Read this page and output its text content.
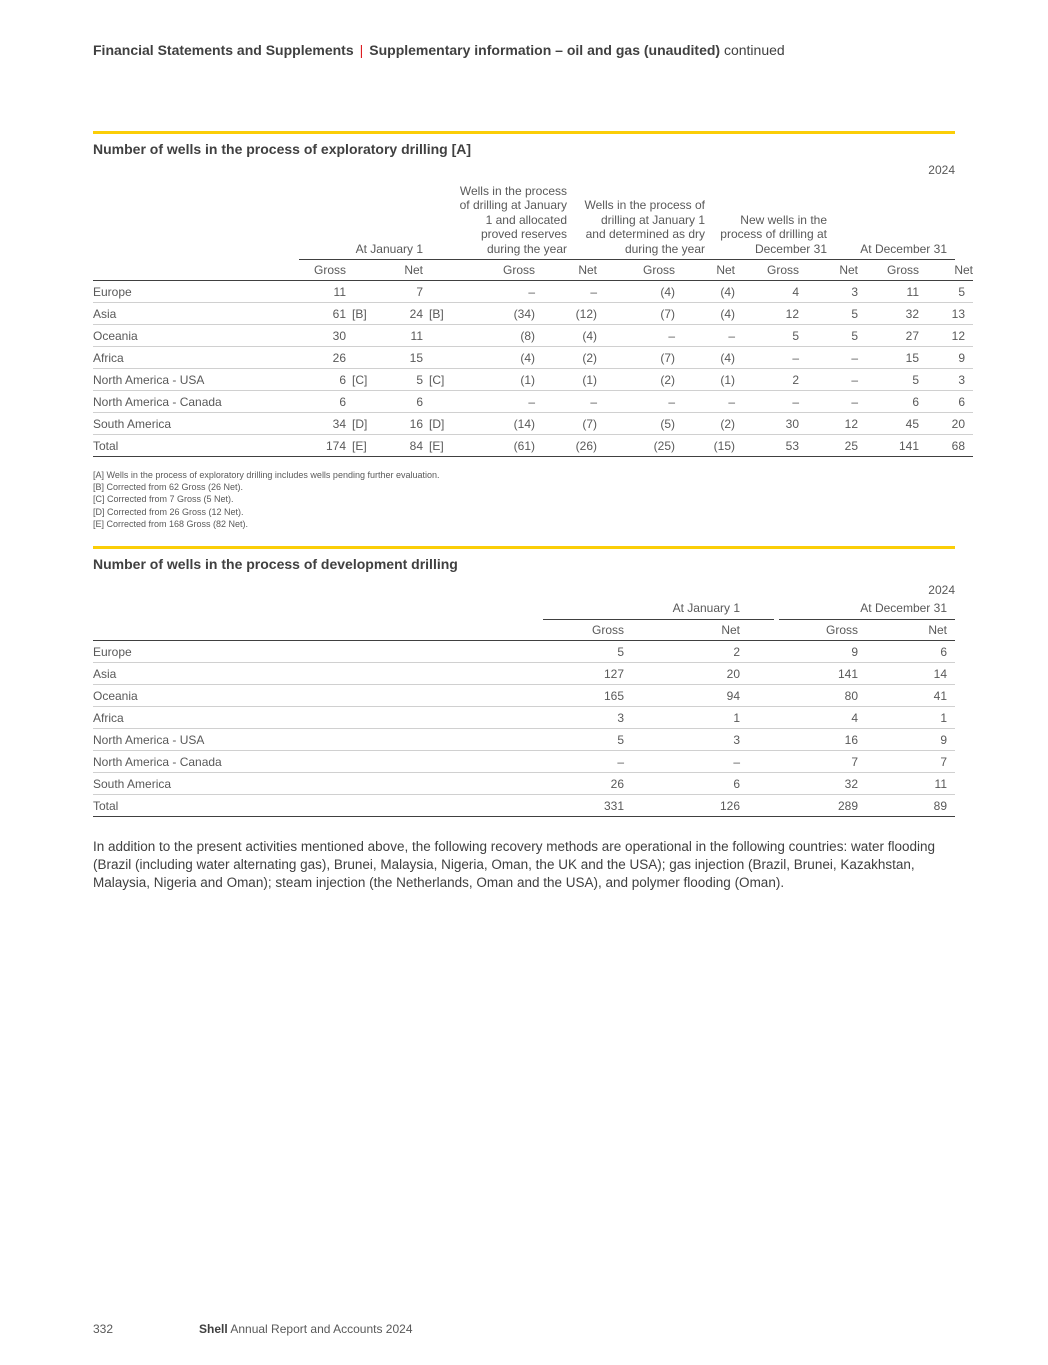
Financial Statements and Supplements | Supplementary information – oil and gas (unaudited) continued
Number of wells in the process of exploratory drilling [A]
2024
At January 1
Wells in the process of drilling at January 1 and allocated proved reserves during the year
Wells in the process of drilling at January 1 and determined as dry during the year
New wells in the process of drilling at December 31	At December 31
	Gross		Net		Gross	Net	Gross	Net	Gross	Net	Gross	Net
Europe	11		7		–	–	(4)	(4)	4	3	11	5
Asia	61	[B]	24	[B]	(34)	(12)	(7)	(4)	12	5	32	13
Oceania	30		11		(8)	(4)	–	–	5	5	27	12
Africa	26		15		(4)	(2)	(7)	(4)	–	–	15	9
North America - USA	6	[C]	5	[C]	(1)	(1)	(2)	(1)	2	–	5	3
North America - Canada	6		6		–	–	–	–	–	–	6	6
South America	34	[D]	16	[D]	(14)	(7)	(5)	(2)	30	12	45	20
Total	174	[E]	84	[E]	(61)	(26)	(25)	(15)	53	25	141	68
[A] Wells in the process of exploratory drilling includes wells pending further evaluation.
[B] Corrected from 62 Gross (26 Net).
[C] Corrected from 7 Gross (5 Net).
[D] Corrected from 26 Gross (12 Net).
[E] Corrected from 168 Gross (82 Net).
Number of wells in the process of development drilling
2024
At January 1	At December 31
	Gross	Net	Gross	Net
Europe	5	2	9	6
Asia	127	20	141	14
Oceania	165	94	80	41
Africa	3	1	4	1
North America - USA	5	3	16	9
North America - Canada	–	–	7	7
South America	26	6	32	11
Total	331	126	289	89
In addition to the present activities mentioned above, the following recovery methods are operational in the following countries: water flooding (Brazil (including water alternating gas), Brunei, Malaysia, Nigeria, Oman, the UK and the USA); gas injection (Brazil, Brunei, Kazakhstan, Malaysia, Nigeria and Oman); steam injection (the Netherlands, Oman and the USA), and polymer flooding (Oman).
332	Shell Annual Report and Accounts 2024
